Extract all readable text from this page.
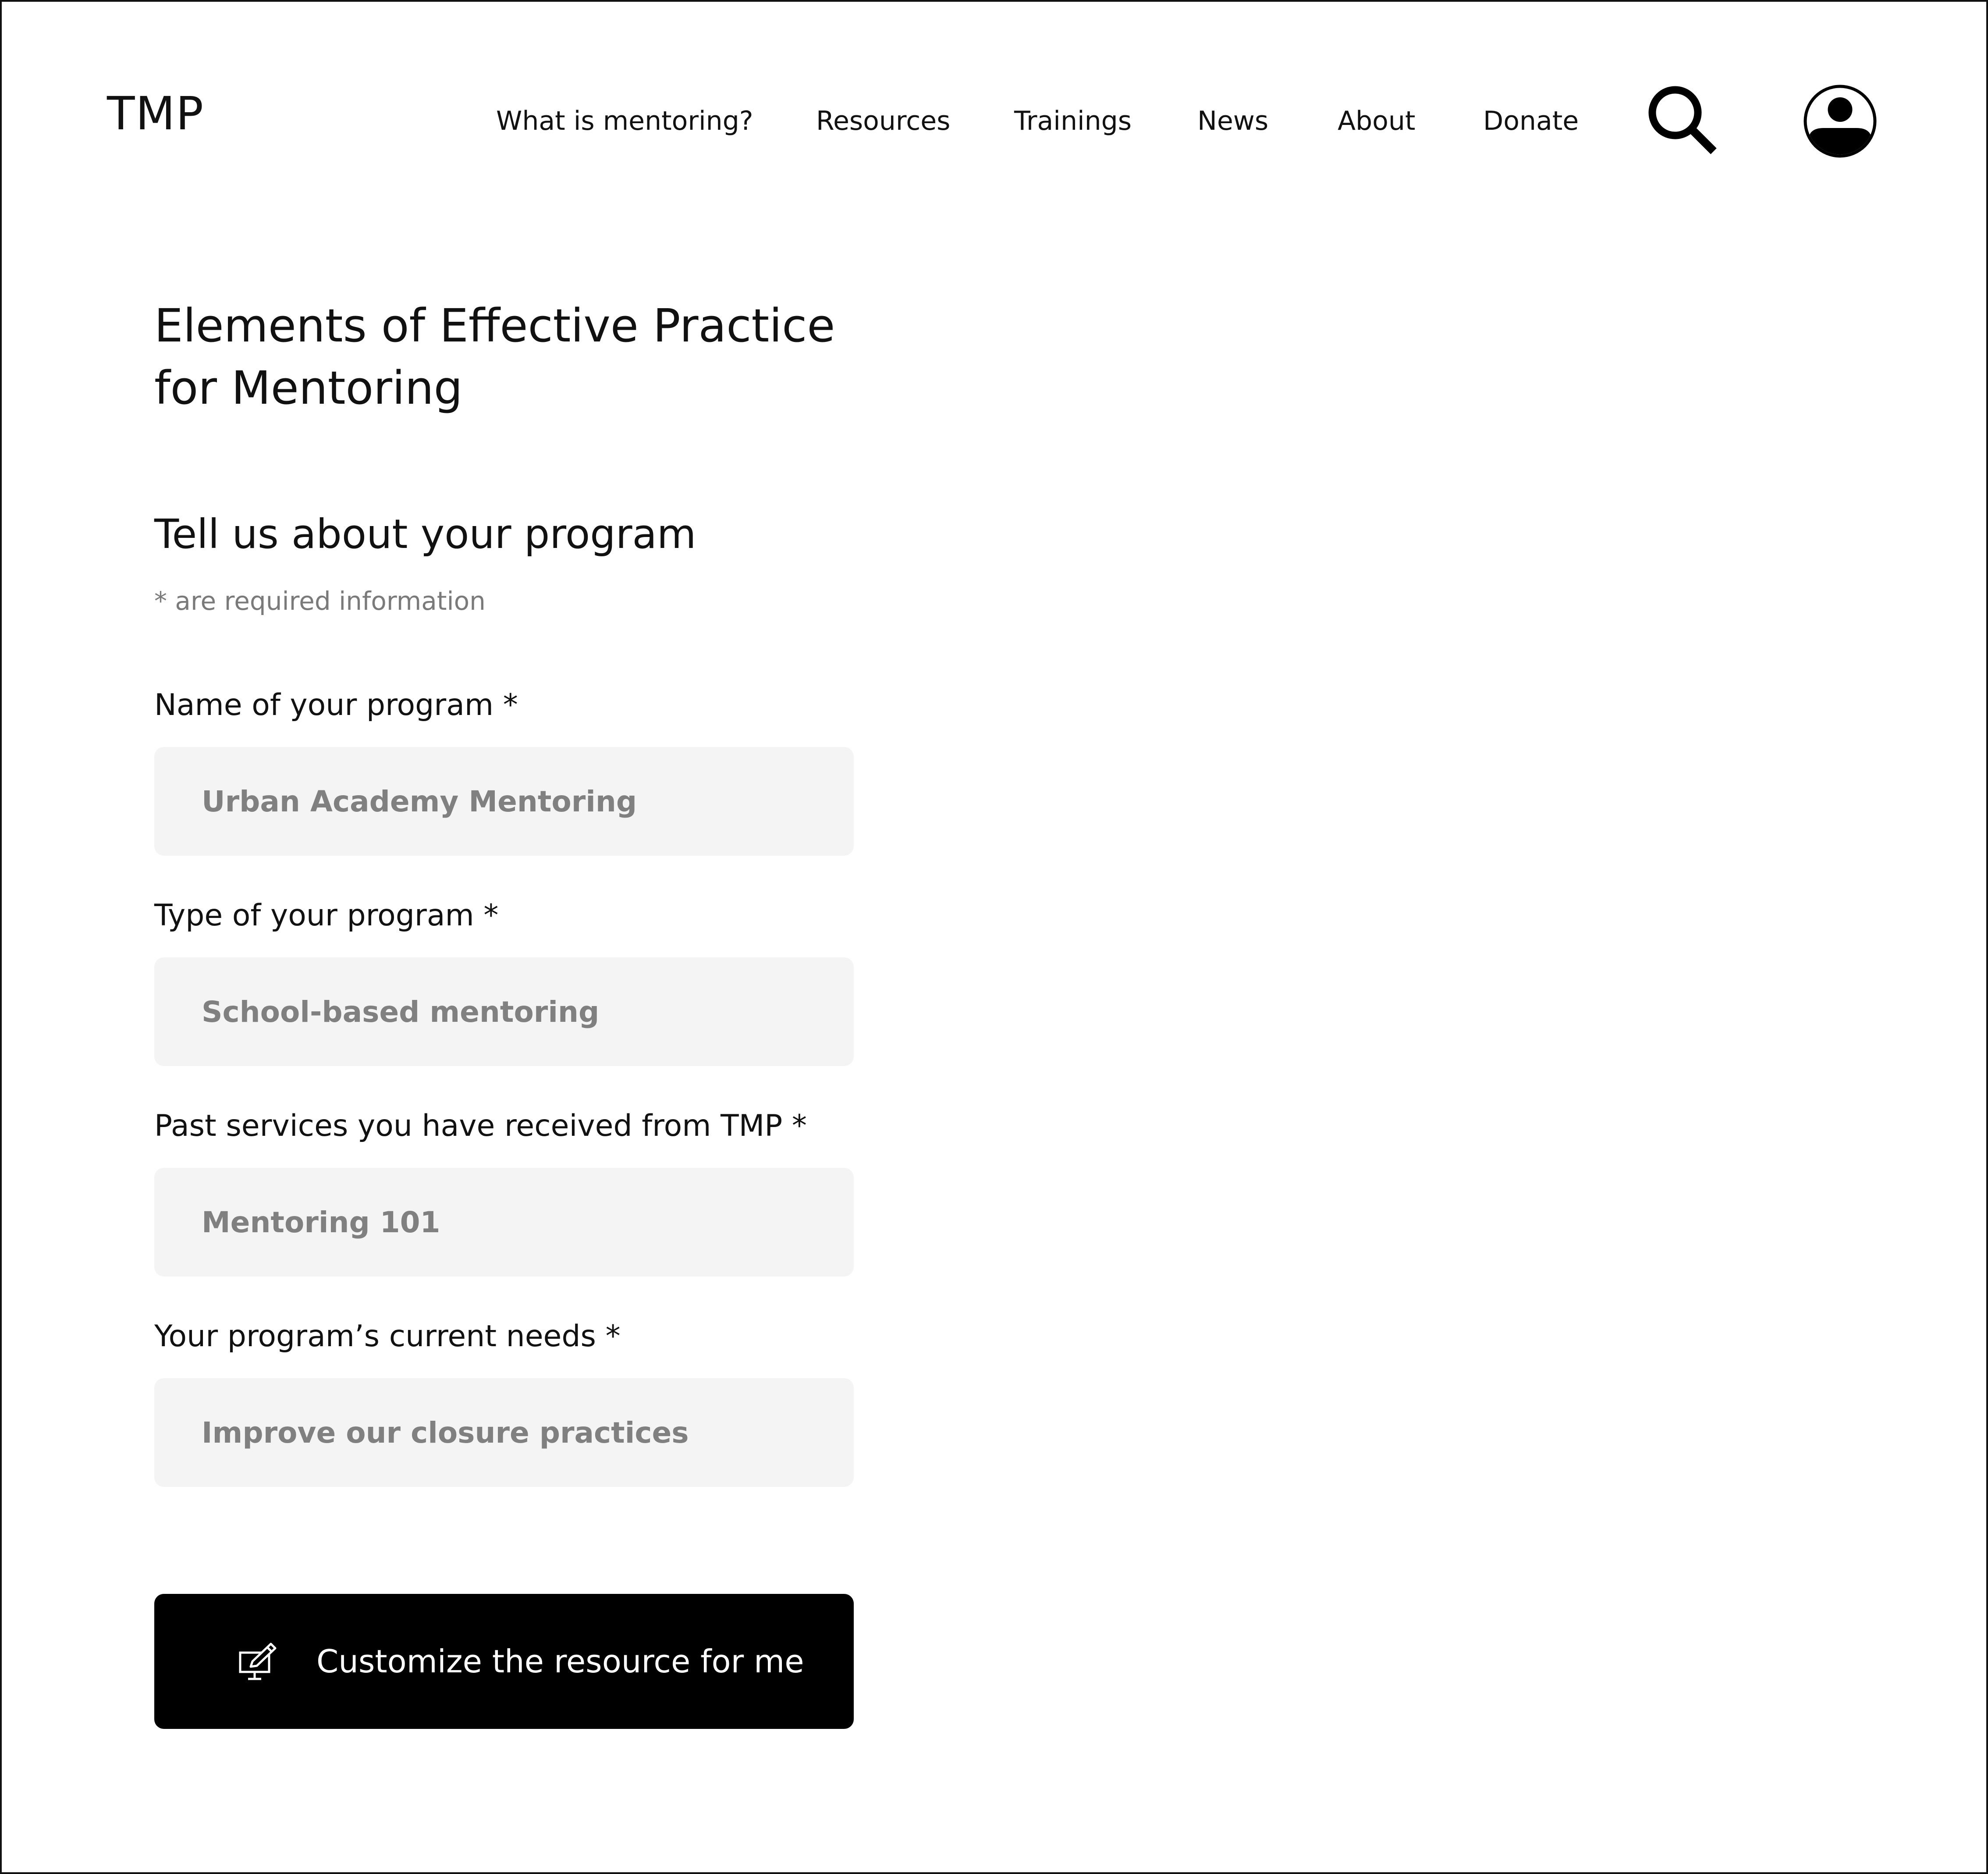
TMP	What is mentoring? Resources Trainings News	About	Donate
Elements of Effective Practice for Mentoring
Tell us about your program
* are required information
Name of your program *
Urban Academy Mentoring
Type of your program *
School-based mentoring
Past services you have received from TMP *
Mentoring 101
Your program’s current needs *
Improve our closure practices
Customize the resource for me
